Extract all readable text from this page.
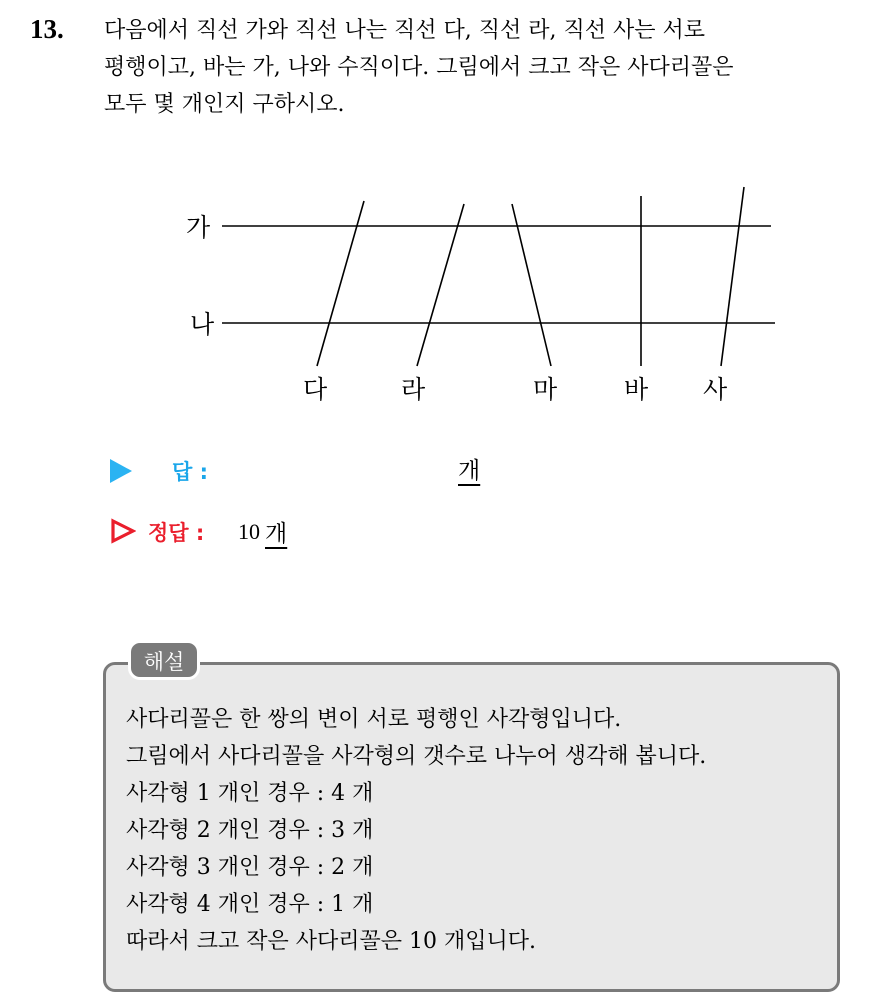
13. 다음에서 직선 가와 직선 나는 직선 다, 직선 라, 직선 사는 서로
평행이고, 바는 가, 나와 수직이다. 그림에서 크고 작은 사다리꼴은
모두 몇 개인지 구하시오.
가
나
다	라	마	바 사
답 :	개
정답 : 10 개
해설
사다리꼴은 한 쌍의 변이 서로 평행인 사각형입니다.
그림에서 사다리꼴을 사각형의 갯수로 나누어 생각해 봅니다.
사각형 1 개인 경우 : 4 개
사각형 2 개인 경우 : 3 개
사각형 3 개인 경우 : 2 개
사각형 4 개인 경우 : 1 개
따라서 크고 작은 사다리꼴은 10 개입니다.
